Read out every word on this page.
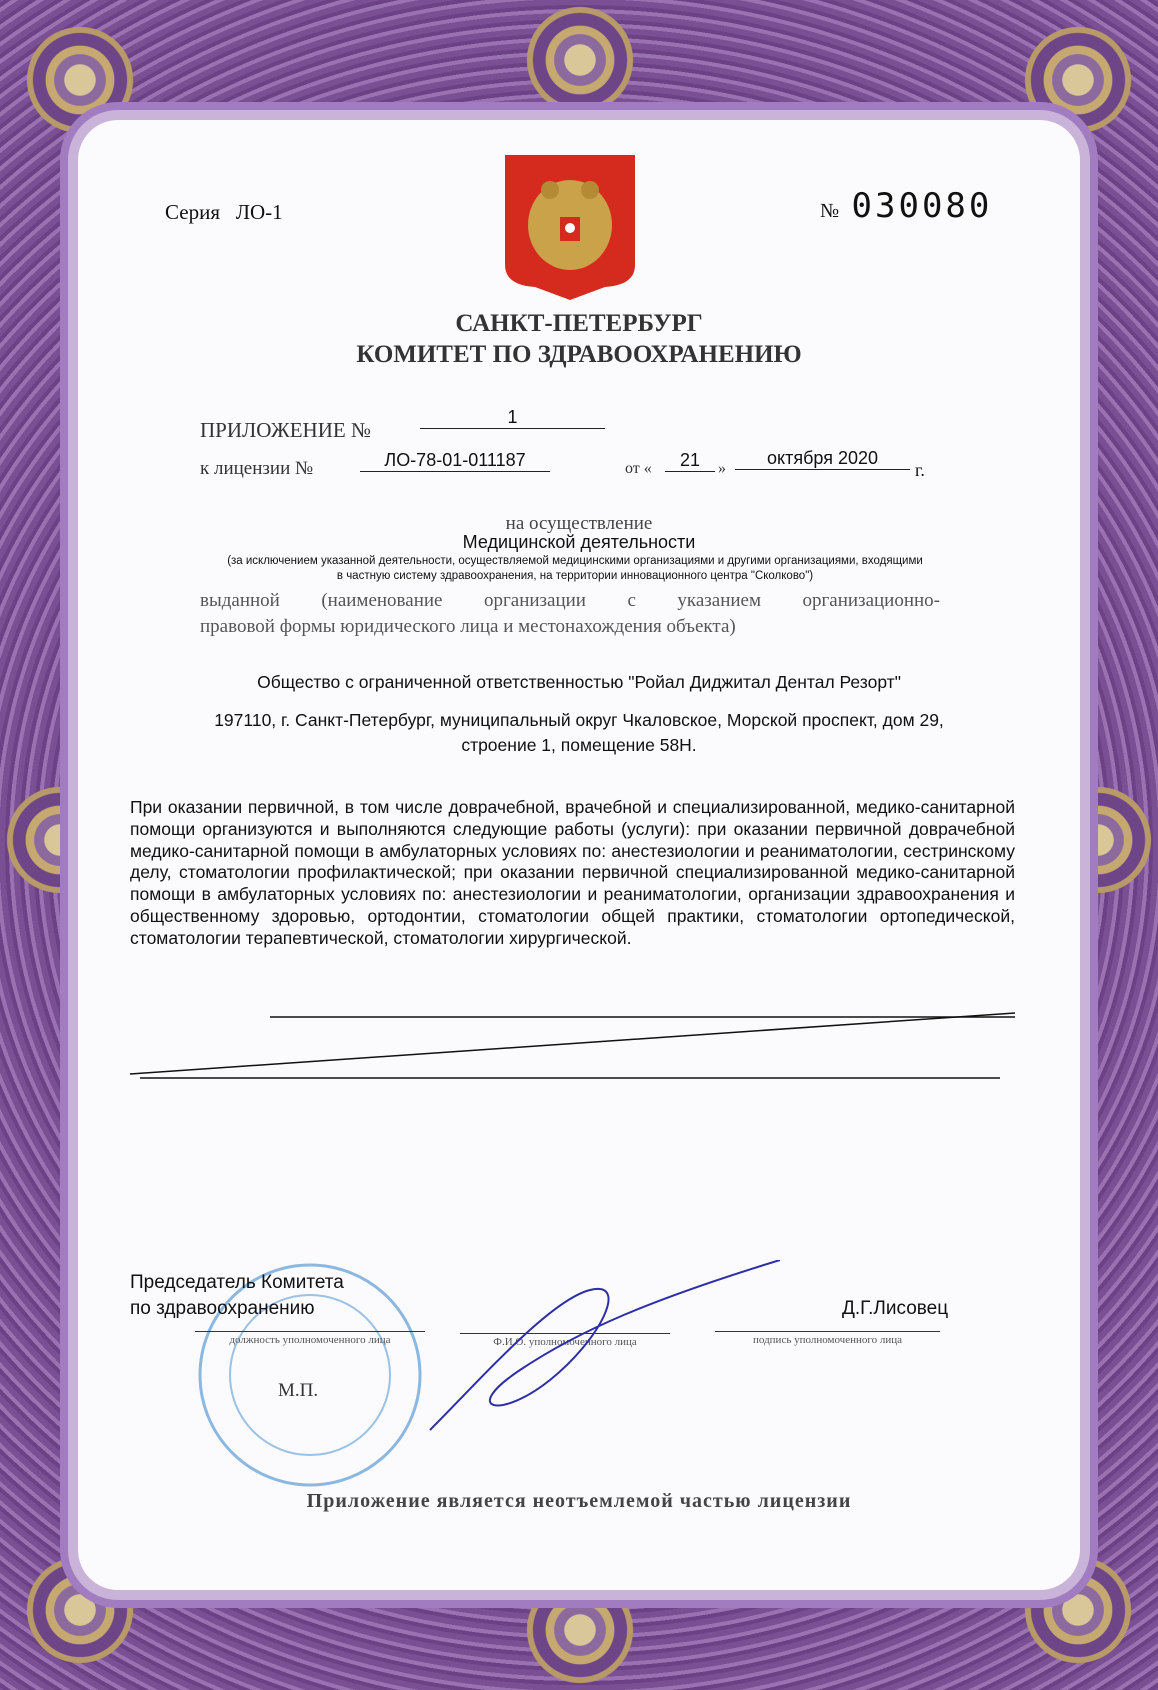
Серия ЛО-1	№ 030080
САНКТ-ПЕТЕРБУРГ
КОМИТЕТ ПО ЗДРАВООХРАНЕНИЮ
ПРИЛОЖЕНИЕ №
1
к лицензии №	ЛО-78-01-011187	от «	21	»
октября 2020
г.
на осуществление
Медицинской деятельности
(за исключением указанной деятельности, осуществляемой медицинскими организациями и другими организациями, входящими
в частную систему здравоохранения, на территории инновационного центра "Сколково")
выданной (наименование организации с указанием организационно-
правовой формы юридического лица и местонахождения объекта)
Общество с ограниченной ответственностью "Ройал Диджитал Дентал Резорт"
197110, г. Санкт-Петербург, муниципальный округ Чкаловское, Морской проспект, дом 29,
строение 1, помещение 58Н.
При оказании первичной, в том числе доврачебной, врачебной и специализированной, медико-санитарной помощи организуются и выполняются следующие работы (услуги): при оказании первичной доврачебной медико-санитарной помощи в амбулаторных условиях по: анестезиологии и реаниматологии, сестринскому делу, стоматологии профилактической; при оказании первичной специализированной медико-санитарной помощи в амбулаторных условиях по: анестезиологии и реаниматологии, организации здравоохранения и общественному здоровью, ортодонтии, стоматологии общей практики, стоматологии ортопедической, стоматологии терапевтической, стоматологии хирургической.
Председатель Комитета
по здравоохранению	Д.Г.Лисовец
должность уполномоченного лица	Ф.И.О. уполномоченного лица	подпись уполномоченного лица
М.П.
Приложение является неотъемлемой частью лицензии
